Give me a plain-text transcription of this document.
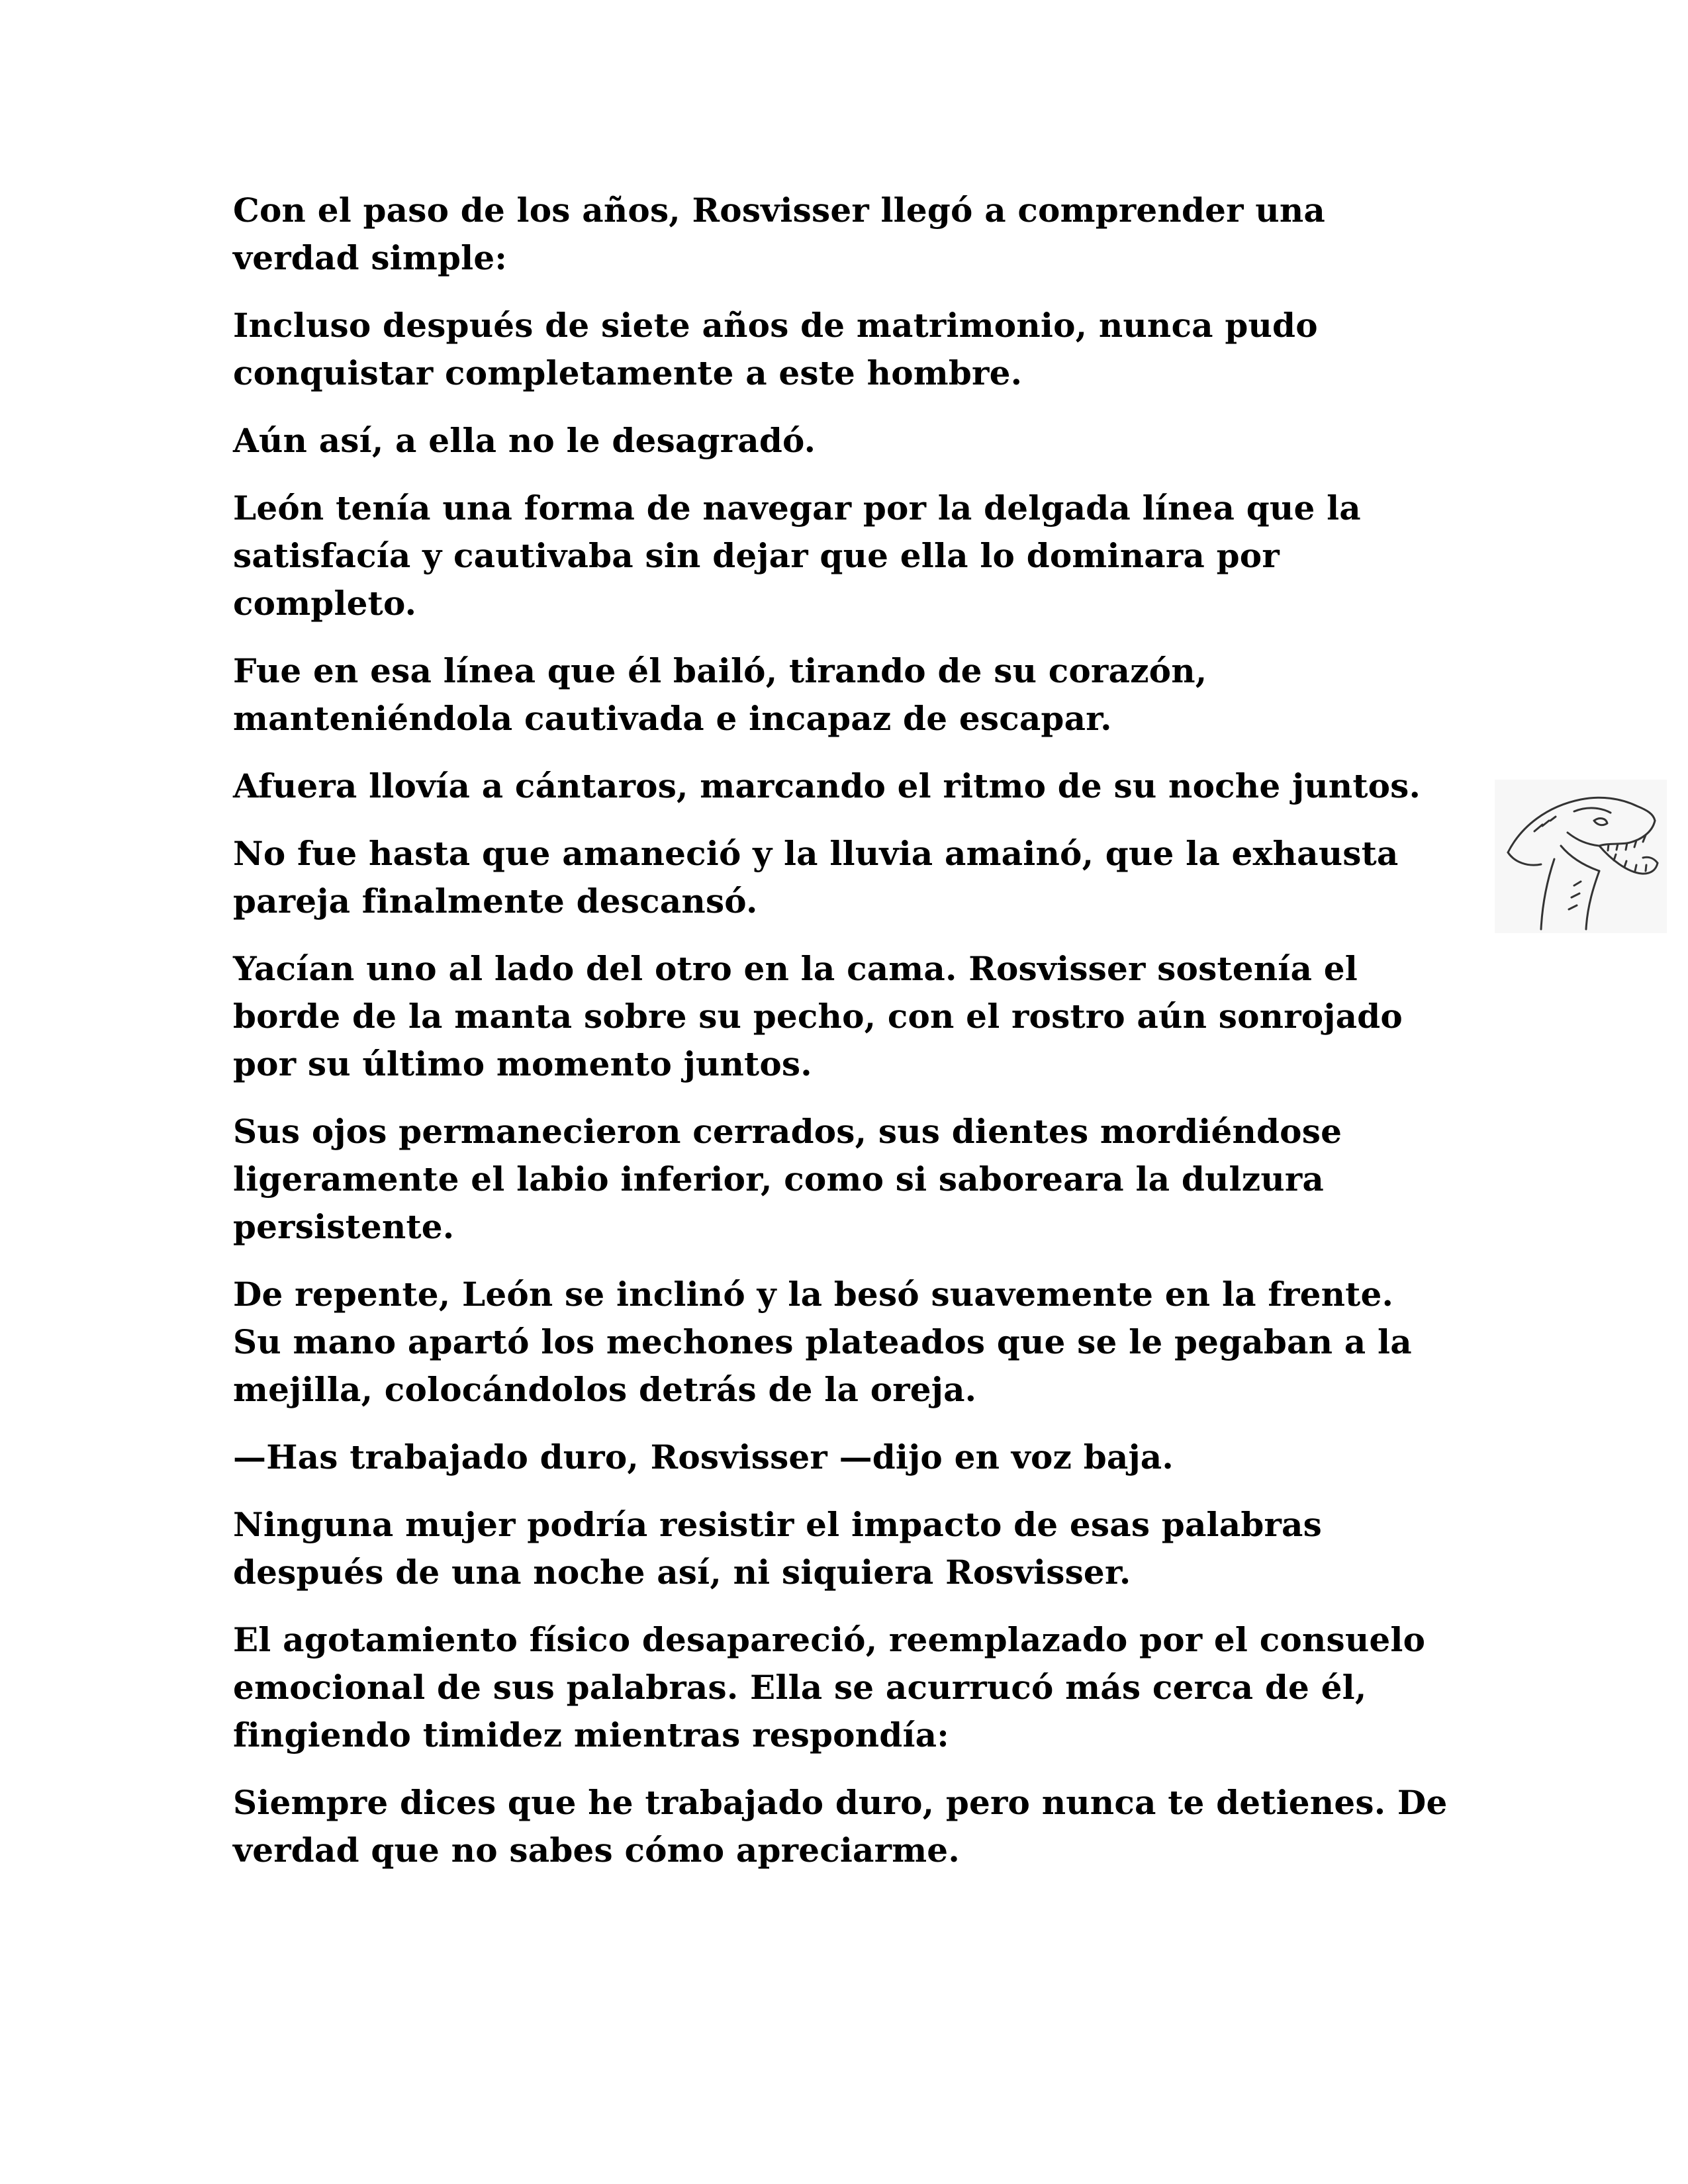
Con el paso de los años, Rosvisser llegó a comprender una verdad simple:

Incluso después de siete años de matrimonio, nunca pudo conquistar completamente a este hombre.

Aún así, a ella no le desagradó.

León tenía una forma de navegar por la delgada línea que la satisfacía y cautivaba sin dejar que ella lo dominara por completo.

Fue en esa línea que él bailó, tirando de su corazón, manteniéndola cautivada e incapaz de escapar.

Afuera llovía a cántaros, marcando el ritmo de su noche juntos.

No fue hasta que amaneció y la lluvia amainó, que la exhausta pareja finalmente descansó.

Yacían uno al lado del otro en la cama. Rosvisser sostenía el borde de la manta sobre su pecho, con el rostro aún sonrojado por su último momento juntos.

Sus ojos permanecieron cerrados, sus dientes mordiéndose ligeramente el labio inferior, como si saboreara la dulzura persistente.

De repente, León se inclinó y la besó suavemente en la frente. Su mano apartó los mechones plateados que se le pegaban a la mejilla, colocándolos detrás de la oreja.

—Has trabajado duro, Rosvisser —dijo en voz baja.

Ninguna mujer podría resistir el impacto de esas palabras después de una noche así, ni siquiera Rosvisser.

El agotamiento físico desapareció, reemplazado por el consuelo emocional de sus palabras. Ella se acurrucó más cerca de él, fingiendo timidez mientras respondía:

Siempre dices que he trabajado duro, pero nunca te detienes. De verdad que no sabes cómo apreciarme.
